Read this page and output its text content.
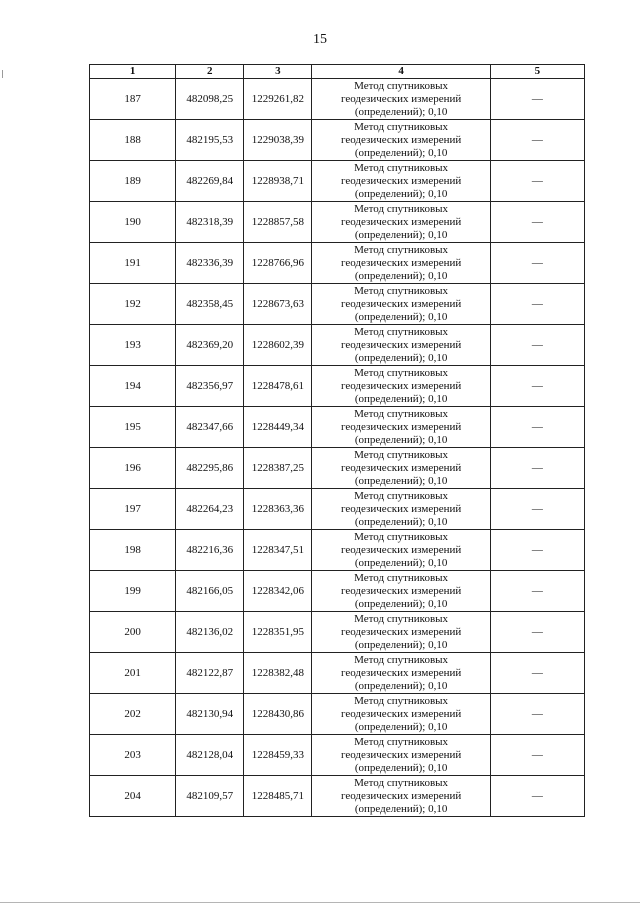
15
1	2	3	4	5
187	482098,25	1229261,82	Метод спутниковых
геодезических измерений
(определений); 0,10	—
188	482195,53	1229038,39	Метод спутниковых
геодезических измерений
(определений); 0,10	—
189	482269,84	1228938,71	Метод спутниковых
геодезических измерений
(определений); 0,10	—
190	482318,39	1228857,58	Метод спутниковых
геодезических измерений
(определений); 0,10	—
191	482336,39	1228766,96	Метод спутниковых
геодезических измерений
(определений); 0,10	—
192	482358,45	1228673,63	Метод спутниковых
геодезических измерений
(определений); 0,10	—
193	482369,20	1228602,39	Метод спутниковых
геодезических измерений
(определений); 0,10	—
194	482356,97	1228478,61	Метод спутниковых
геодезических измерений
(определений); 0,10	—
195	482347,66	1228449,34	Метод спутниковых
геодезических измерений
(определений); 0,10	—
196	482295,86	1228387,25	Метод спутниковых
геодезических измерений
(определений); 0,10	—
197	482264,23	1228363,36	Метод спутниковых
геодезических измерений
(определений); 0,10	—
198	482216,36	1228347,51	Метод спутниковых
геодезических измерений
(определений); 0,10	—
199	482166,05	1228342,06	Метод спутниковых
геодезических измерений
(определений); 0,10	—
200	482136,02	1228351,95	Метод спутниковых
геодезических измерений
(определений); 0,10	—
201	482122,87	1228382,48	Метод спутниковых
геодезических измерений
(определений); 0,10	—
202	482130,94	1228430,86	Метод спутниковых
геодезических измерений
(определений); 0,10	—
203	482128,04	1228459,33	Метод спутниковых
геодезических измерений
(определений); 0,10	—
204	482109,57	1228485,71	Метод спутниковых
геодезических измерений
(определений); 0,10	—
